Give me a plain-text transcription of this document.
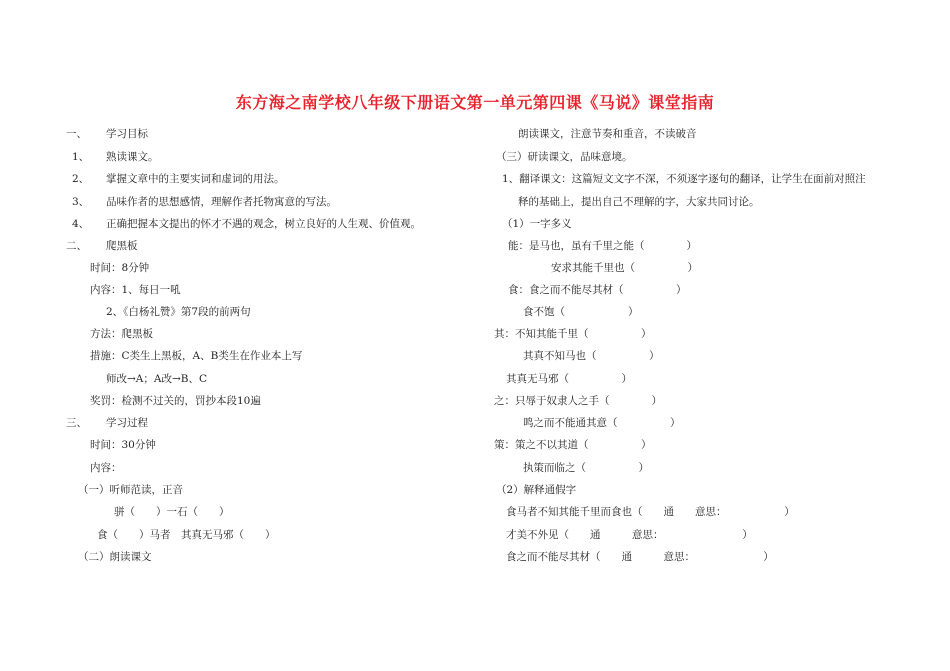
东方海之南学校八年级下册语文第一单元第四课《马说》课堂指南
一、 学习目标
1、 熟读课文。
2、 掌握文章中的主要实词和虚词的用法。
3、 品味作者的思想感情，理解作者托物寓意的写法。
4、 正确把握本文提出的怀才不遇的观念，树立良好的人生观、价值观。
二、 爬黑板
时间：8分钟
内容：1、每日一吼
2、《白杨礼赞》第7段的前两句
方法：爬黑板
措施：C类生上黑板，A、B类生在作业本上写
师改→A；A改→B、C
奖罚：检测不过关的，罚抄本段10遍
三、 学习过程
时间：30分钟
内容：
（一）听师范读，正音
骈（　　）一石（　　）
食（　　）马者　其真无马邪（　　）
（二）朗读课文
朗读课文，注意节奏和重音，不读破音
（三）研读课文，品味意境。
1、翻译课文：这篇短文文字不深，不须逐字逐句的翻译，让学生在面前对照注
释的基础上，提出自己不理解的字，大家共同讨论。
（1）一字多义
能：是马也，虽有千里之能（　　　　）
安求其能千里也（　　　　　）
食：食之而不能尽其材（　　　　　）
食不饱（　　　　　　）
其：不知其能千里（　　　　　）
其真不知马也（　　　　　）
其真无马邪（　　　　　）
之：只辱于奴隶人之手（　　　　）
鸣之而不能通其意（　　　　　）
策：策之不以其道（　　　　　）
执策而临之（　　　　　）
（2）解释通假字
食马者不知其能千里而食也（　　通　　意思：　　　　　　）
才美不外见（　　通　　　意思：　　　　　　　　）
食之而不能尽其材（　　通　　　意思：　　　　　　　）
